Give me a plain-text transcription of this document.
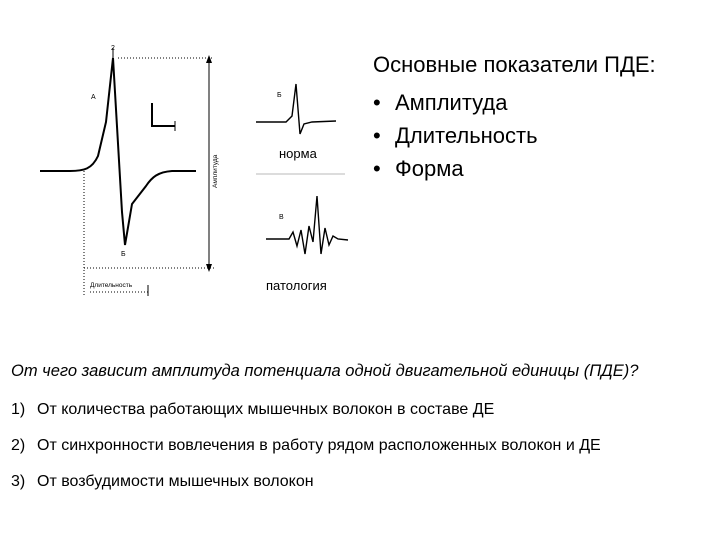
2
A
Б
Амплитуда
Длительность
Б
В
норма
патология
Основные показатели ПДЕ:
• Амплитуда
• Длительность
• Форма
От чего зависит амплитуда потенциала одной двигательной единицы (ПДЕ)?
1) От количества работающих мышечных волокон в составе ДЕ
2) От синхронности вовлечения в работу рядом расположенных волокон и ДЕ
3) От возбудимости мышечных волокон
